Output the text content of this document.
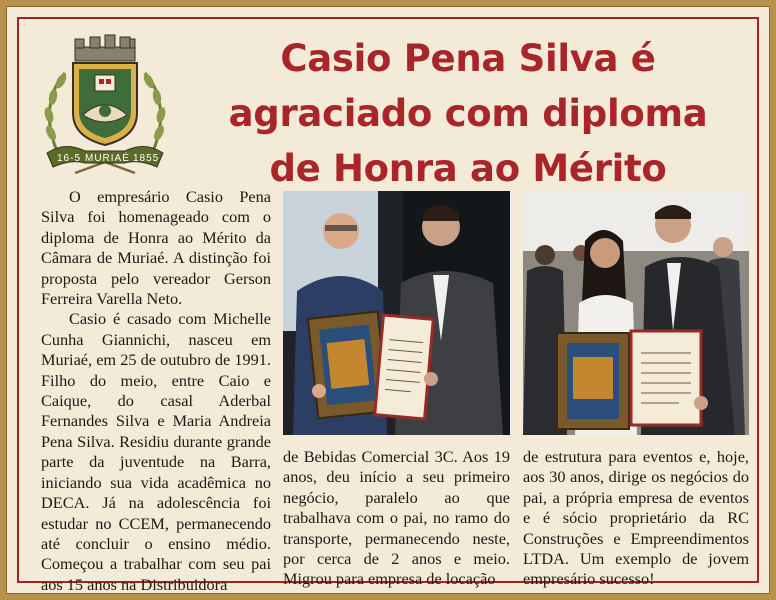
16-5 MURIAÉ 1855
Casio Pena Silva é
agraciado com diploma
de Honra ao Mérito

O empresário Casio Pena Silva foi homenageado com o diploma de Honra ao Mérito da Câmara de Muriaé. A distinção foi proposta pelo vereador Gerson Ferreira Varella Neto.

Casio é casado com Michelle Cunha Giannichi, nasceu em Muriaé, em 25 de outubro de 1991. Filho do meio, entre Caio e Caique, do casal Aderbal Fernandes Silva e Maria Andreia Pena Silva. Residiu durante grande parte da juventude na Barra, iniciando sua vida acadêmica no DECA. Já na adolescência foi estudar no CCEM, permanecendo até concluir o ensino médio. Começou a trabalhar com seu pai aos 15 anos na Distribuidora

de Bebidas Comercial 3C. Aos 19 anos, deu início a seu primeiro negócio, paralelo ao que trabalhava com o pai, no ramo do transporte, permanecendo neste, por cerca de 2 anos e meio. Migrou para empresa de locação

de estrutura para eventos e, hoje, aos 30 anos, dirige os negócios do pai, a própria empresa de eventos e é sócio proprietário da RC Construções e Empreendimentos LTDA. Um exemplo de jovem empresário sucesso!
